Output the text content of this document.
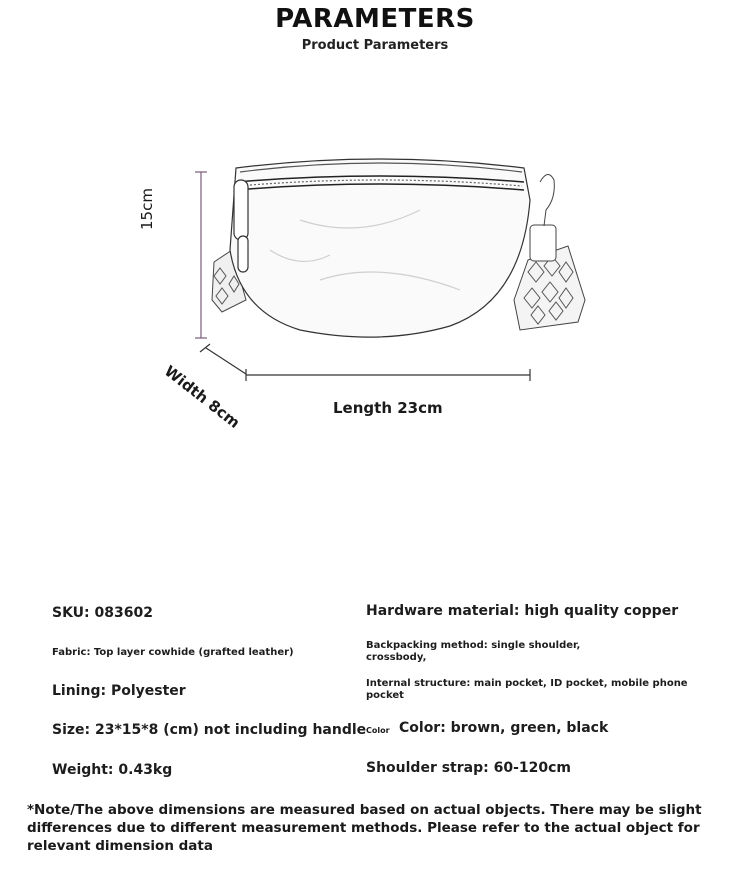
PARAMETERS
Product Parameters
15cm
Width 8cm	Length 23cm
SKU: 083602
Fabric: Top layer cowhide (grafted leather)
Lining: Polyester
Size: 23*15*8 (cm) not including handle
Weight: 0.43kg
Hardware material: high quality copper
Backpacking method: single shoulder, crossbody,
Internal structure: main pocket, ID pocket, mobile phone pocket
Color Color: brown, green, black
Shoulder strap: 60-120cm
*Note/The above dimensions are measured based on actual objects. There may be slight differences due to different measurement methods. Please refer to the actual object for relevant dimension data
